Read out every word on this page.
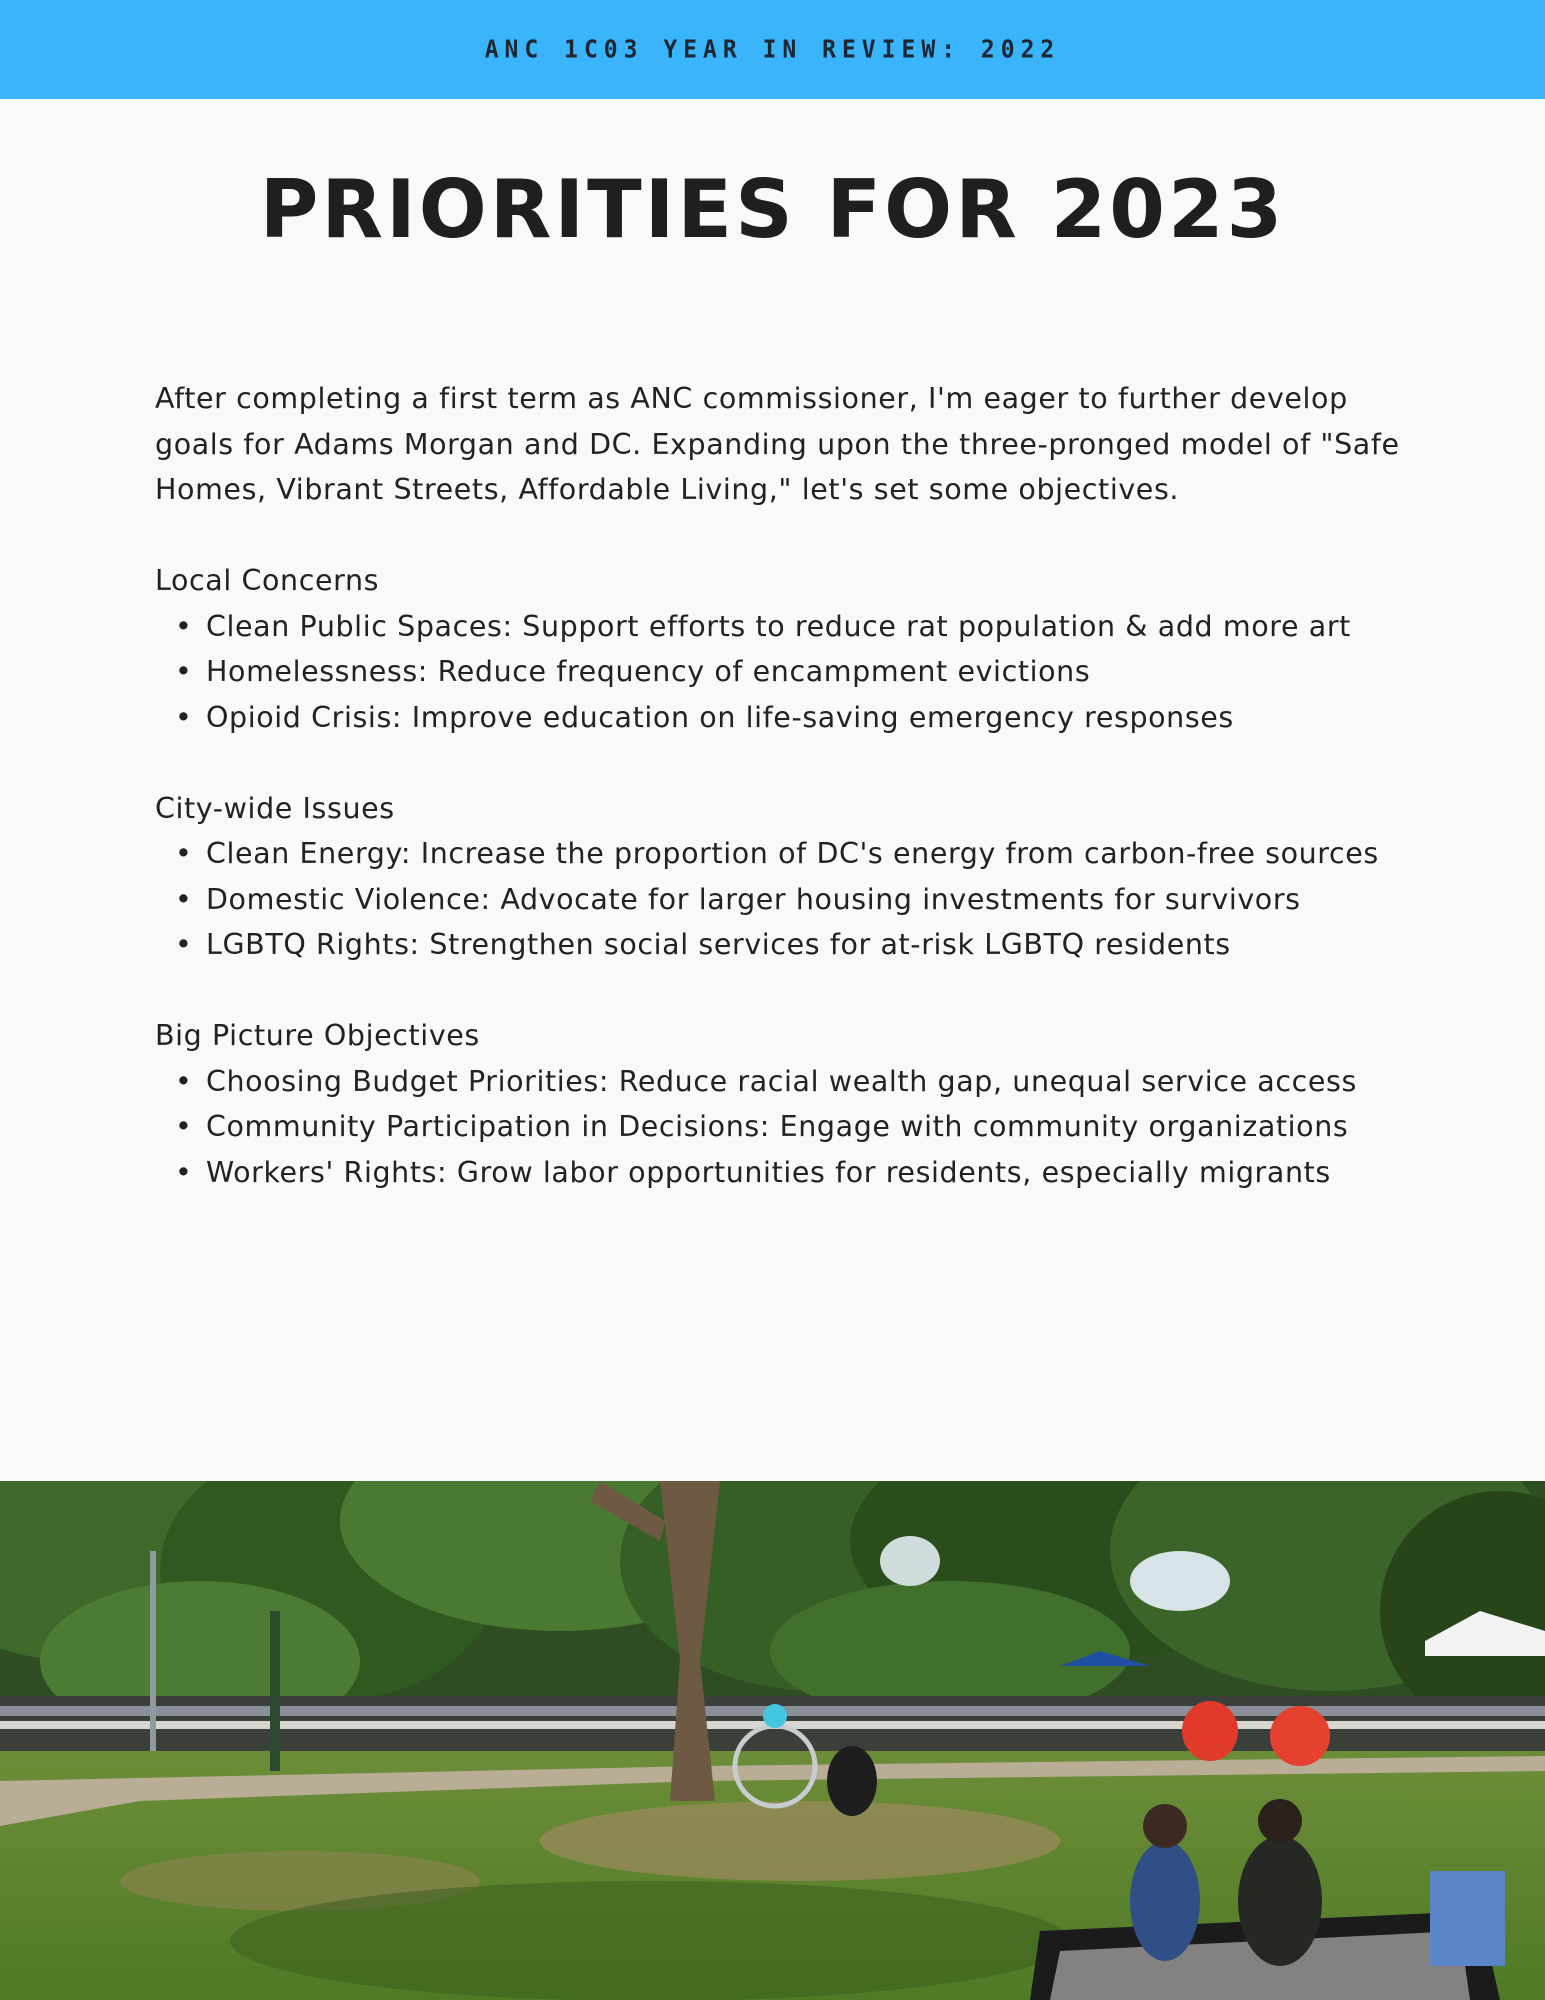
ANC 1C03 YEAR IN REVIEW: 2022
PRIORITIES FOR 2023

After completing a first term as ANC commissioner, I'm eager to further develop goals for Adams Morgan and DC. Expanding upon the three-pronged model of "Safe Homes, Vibrant Streets, Affordable Living," let's set some objectives.

Local Concerns
• Clean Public Spaces: Support efforts to reduce rat population & add more art
• Homelessness: Reduce frequency of encampment evictions
• Opioid Crisis: Improve education on life-saving emergency responses
City-wide Issues
• Clean Energy: Increase the proportion of DC's energy from carbon-free sources
• Domestic Violence: Advocate for larger housing investments for survivors
• LGBTQ Rights: Strengthen social services for at-risk LGBTQ residents
Big Picture Objectives
• Choosing Budget Priorities: Reduce racial wealth gap, unequal service access
• Community Participation in Decisions: Engage with community organizations
• Workers' Rights: Grow labor opportunities for residents, especially migrants
